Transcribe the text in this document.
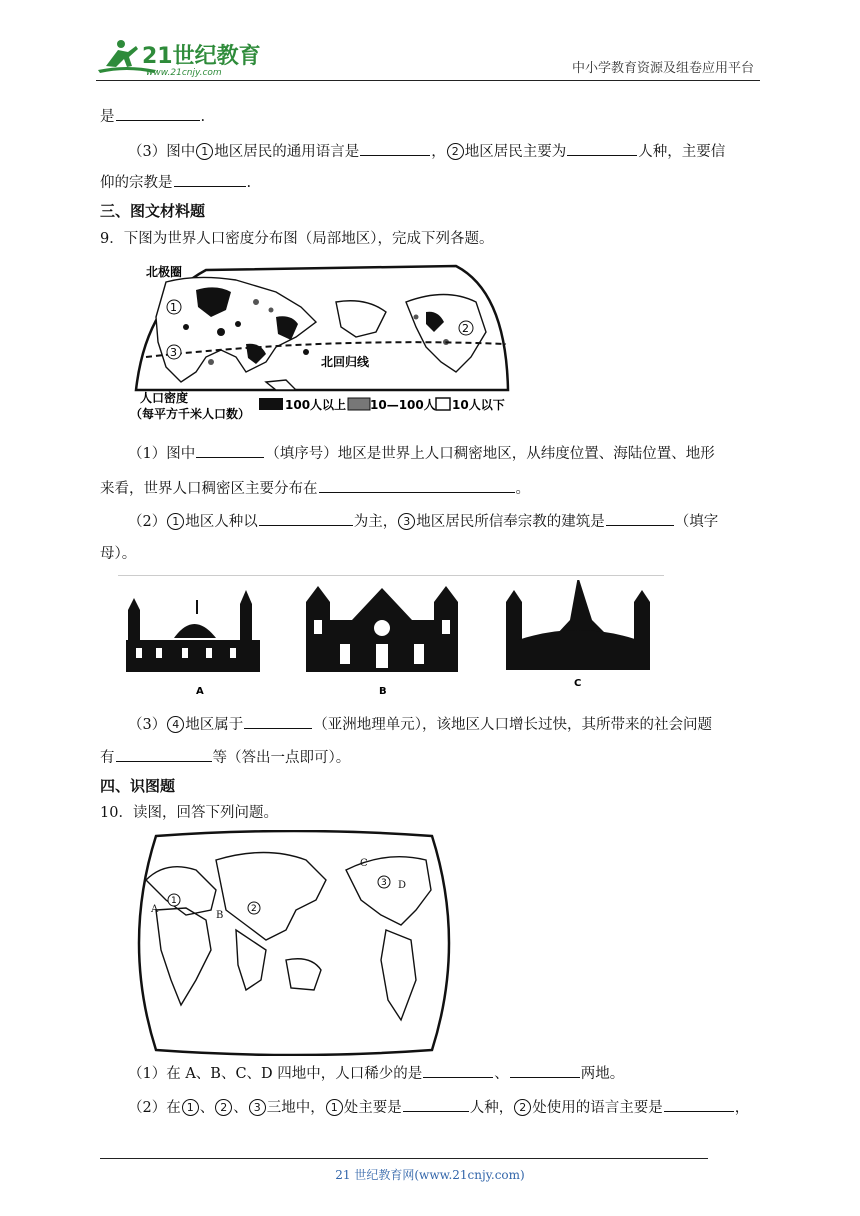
21世纪教育
www.21cnjy.com	中小学教育资源及组卷应用平台
是	.
（3）图中 1 地区居民的通用语言是	， 2 地区居民主要为	人种，主要信
仰的宗教是	.
三、图文材料题
9．下图为世界人口密度分布图（局部地区），完成下列各题。
北极圈
北回归线
1
3
2
人口密度
（每平方千米人口数）
100人以上 10—100人 10人以下
（1）图中	（填序号）地区是世界上人口稠密地区，从纬度位置、海陆位置、地形
来看，世界人口稠密区主要分布在	。
（2） 1 地区人种以	为主， 3 地区居民所信奉宗教的建筑是	（填字
母）。
A	B
C
（3） 4 地区属于	（亚洲地理单元），该地区人口增长过快，其所带来的社会问题
有	等（答出一点即可）。
四、识图题
10．读图，回答下列问题。
A
B
C
D
1
2
3
（1）在 A、B、C、D 四地中，人口稀少的是	、	两地。
（2）在 1 、 2 、 3 三地中， 1 处主要是	人种， 2 处使用的语言主要是	，
21 世纪教育网(www.21cnjy.com)
